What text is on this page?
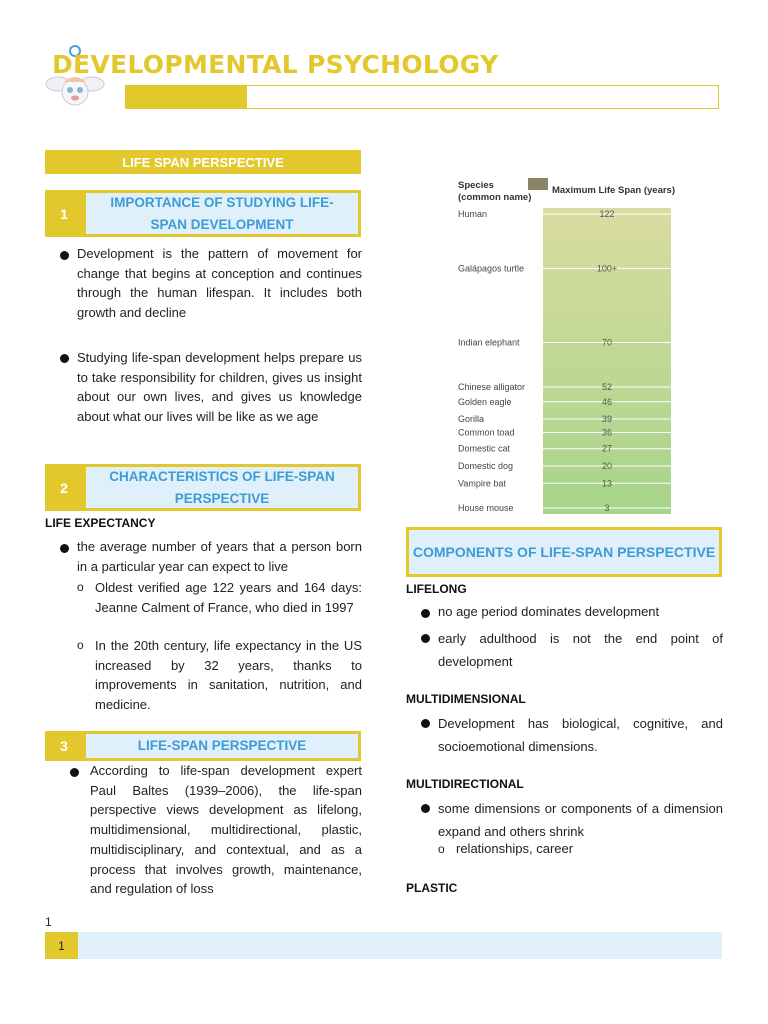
DEVELOPMENTAL PSYCHOLOGY
LIFE SPAN PERSPECTIVE
1
IMPORTANCE OF STUDYING LIFE-SPAN DEVELOPMENT
Development is the pattern of movement for change that begins at conception and continues through the human lifespan. It includes both growth and decline
Studying life-span development helps prepare us to take responsibility for children, gives us insight about our own lives, and gives us knowledge about what our lives will be like as we age
2
CHARACTERISTICS OF LIFE-SPAN PERSPECTIVE
LIFE EXPECTANCY
the average number of years that a person born in a particular year can expect to live
o Oldest verified age 122 years and 164 days: Jeanne Calment of France, who died in 1997
o In the 20th century, life expectancy in the US increased by 32 years, thanks to improvements in sanitation, nutrition, and medicine.
3	LIFE-SPAN PERSPECTIVE
According to life-span development expert Paul Baltes (1939–2006), the life-span perspective views development as lifelong, multidimensional, multidirectional, plastic, multidisciplinary, and contextual, and as a process that involves growth, maintenance, and regulation of loss
Species
(common name)
Maximum Life Span (years)
Human	122
Galápagos turtle	100+
Indian elephant	70
Chinese alligator	52
Golden eagle	46
Gorilla	39
Common toad	36
Domestic cat	27
Domestic dog	20
Vampire bat	13
House mouse	3
COMPONENTS OF LIFE-SPAN PERSPECTIVE
LIFELONG
no age period dominates development
early adulthood is not the end point of development
MULTIDIMENSIONAL
Development has biological, cognitive, and socioemotional dimensions.
MULTIDIRECTIONAL
some dimensions or components of a dimension expand and others shrink
o relationships, career
PLASTIC
1
1
